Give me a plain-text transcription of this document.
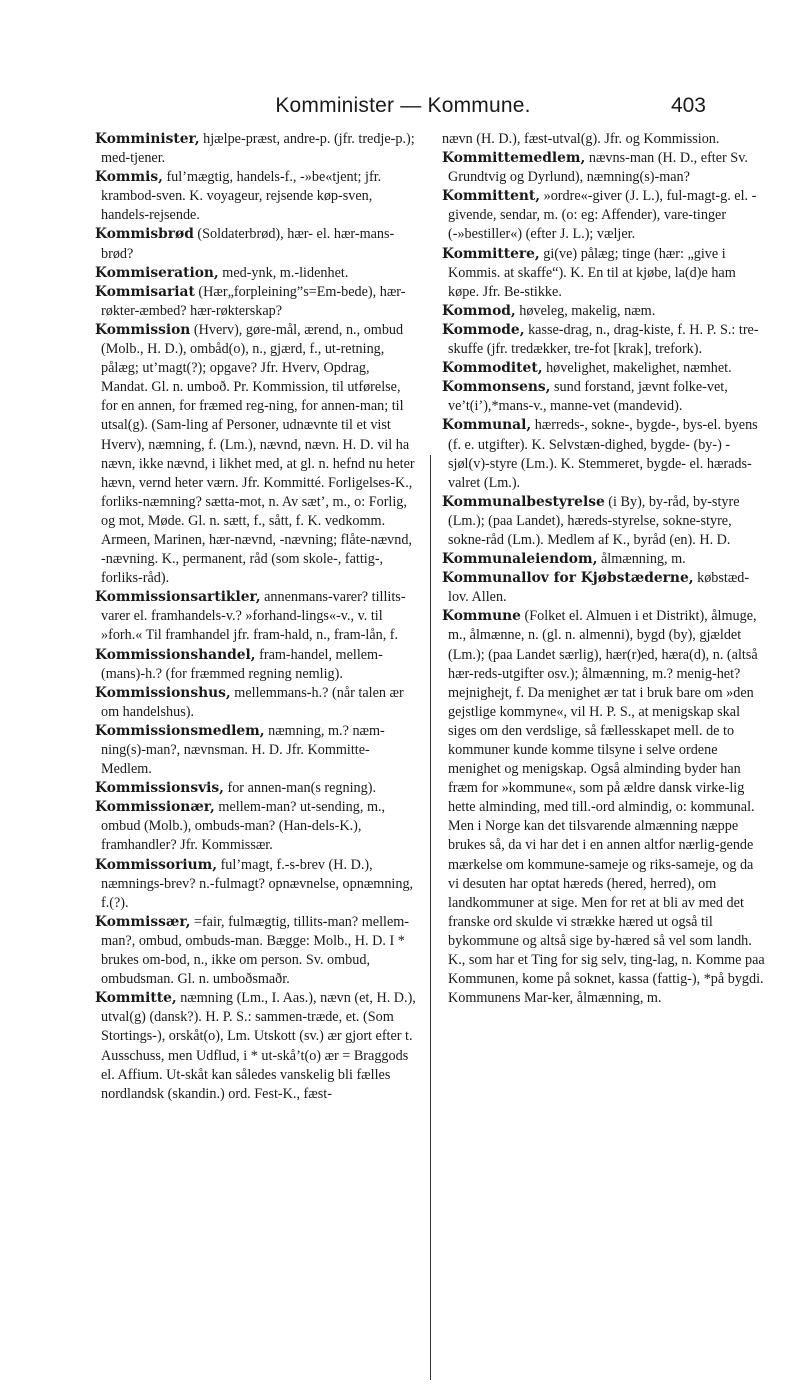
Komminister — Kommune.	403

Komminister, hjælpe-præst, andre-p. (jfr. tredje-p.); med-tjener.

Kommis, ful’mægtig, handels-f., -»be«tjent; jfr. krambod-sven. K. voyageur, rejsende køp-sven, handels-rejsende.

Kommisbrød (Soldaterbrød), hær- el. hær-mans-brød?

Kommiseration, med-ynk, m.-lidenhet.

Kommisariat (Hær„forpleining”s=Em-bede), hær-røkter-æmbed? hær-røkterskap?

Kommission (Hverv), gøre-mål, ærend, n., ombud (Molb., H. D.), ombåd(o), n., gjærd, f., ut-retning, pålæg; ut’magt(?); opgave? Jfr. Hverv, Opdrag, Mandat. Gl. n. umboð. Pr. Kommission, til utførelse, for en annen, for fræmed reg-ning, for annen-man; til utsal(g). (Sam-ling af Personer, udnævnte til et vist Hverv), næmning, f. (Lm.), nævnd, nævn. H. D. vil ha nævn, ikke nævnd, i likhet med, at gl. n. hefnd nu heter hævn, vernd heter værn. Jfr. Kommitté. Forligelses-K., forliks-næmning? sætta-mot, n. Av sæt’, m., o: Forlig, og mot, Møde. Gl. n. sætt, f., sått, f. K. vedkomm. Armeen, Marinen, hær-nævnd, -nævning; flåte-nævnd, -nævning. K., permanent, råd (som skole-, fattig-, forliks-råd).

Kommissionsartikler, annenmans-varer? tillits-varer el. framhandels-v.? »forhand-lings«-v., v. til »forh.« Til framhandel jfr. fram-hald, n., fram-lån, f.

Kommissionshandel, fram-handel, mellem-(mans)-h.? (for fræmmed regning nemlig).

Kommissionshus, mellemmans-h.? (når talen ær om handelshus).

Kommissionsmedlem, næmning, m.? næm-ning(s)-man?, nævnsman. H. D. Jfr. Kommitte-Medlem.

Kommissionsvis, for annen-man(s regning).

Kommissionær, mellem-man? ut-sending, m., ombud (Molb.), ombuds-man? (Han-dels-K.), framhandler? Jfr. Kommissær.

Kommissorium, ful’magt, f.-s-brev (H. D.), næmnings-brev? n.-fulmagt? opnævnelse, opnæmning, f.(?).

Kommissær, =fair, fulmægtig, tillits-man? mellem-man?, ombud, ombuds-man. Bægge: Molb., H. D. I * brukes om-bod, n., ikke om person. Sv. ombud, ombudsman. Gl. n. umboðsmaðr.

Kommitte, næmning (Lm., I. Aas.), nævn (et, H. D.), utval(g) (dansk?). H. P. S.: sammen-træde, et. (Som Stortings-), orskåt(o), Lm. Utskott (sv.) ær gjort efter t. Ausschuss, men Udflud, i * ut-skå’t(o) ær = Braggods el. Affium. Ut-skåt kan således vanskelig bli fælles nordlandsk (skandin.) ord. Fest-K., fæst-

nævn (H. D.), fæst-utval(g). Jfr. og Kommission.

Kommittemedlem, nævns-man (H. D., efter Sv. Grundtvig og Dyrlund), næmning(s)-man?

Kommittent, »ordre«-giver (J. L.), ful-magt-g. el. -givende, sendar, m. (o: eg: Affender), vare-tinger (-»bestiller«) (efter J. L.); væljer.

Kommittere, gi(ve) pålæg; tinge (hær: „give i Kommis. at skaffe“). K. En til at kjøbe, la(d)e ham køpe. Jfr. Be-stikke.

Kommod, høveleg, makelig, næm.

Kommode, kasse-drag, n., drag-kiste, f. H. P. S.: tre-skuffe (jfr. tredækker, tre-fot [krak], trefork).

Kommoditet, høvelighet, makelighet, næmhet.

Kommonsens, sund forstand, jævnt folke-vet, ve’t(i’),*mans-v., manne-vet (mandevid).

Kommunal, hærreds-, sokne-, bygde-, bys-el. byens (f. e. utgifter). K. Selvstæn-dighed, bygde- (by-) -sjøl(v)-styre (Lm.). K. Stemmeret, bygde- el. hærads-valret (Lm.).

Kommunalbestyrelse (i By), by-råd, by-styre (Lm.); (paa Landet), hæreds-styrelse, sokne-styre, sokne-råd (Lm.). Medlem af K., byråd (en). H. D.

Kommunaleiendom, ålmænning, m.

Kommunallov for Kjøbstæderne, købstæd-lov. Allen.

Kommune (Folket el. Almuen i et Distrikt), ålmuge, m., ålmænne, n. (gl. n. almenni), bygd (by), gjældet (Lm.); (paa Landet særlig), hær(r)ed, hæra(d), n. (altså hær-reds-utgifter osv.); ålmænning, m.? menig-het? mejnighejt, f. Da menighet ær tat i bruk bare om »den gejstlige kommyne«, vil H. P. S., at menigskap skal siges om den verdslige, så fællesskapet mell. de to kommuner kunde komme tilsyne i selve ordene menighet og menigskap. Også alminding byder han fræm for »kommune«, som på ældre dansk virke-lig hette alminding, med till.-ord almindig, o: kommunal. Men i Norge kan det tilsvarende almænning næppe brukes så, da vi har det i en annen altfor nærlig-gende mærkelse om kommune-sameje og riks-sameje, og da vi desuten har optat hæreds (hered, herred), om landkommuner at sige. Men for ret at bli av med det franske ord skulde vi strække hæred ut også til bykommune og altså sige by-hæred så vel som landh. K., som har et Ting for sig selv, ting-lag, n. Komme paa Kommunen, kome på soknet, kassa (fattig-), *på bygdi. Kommunens Mar-ker, ålmænning, m.
